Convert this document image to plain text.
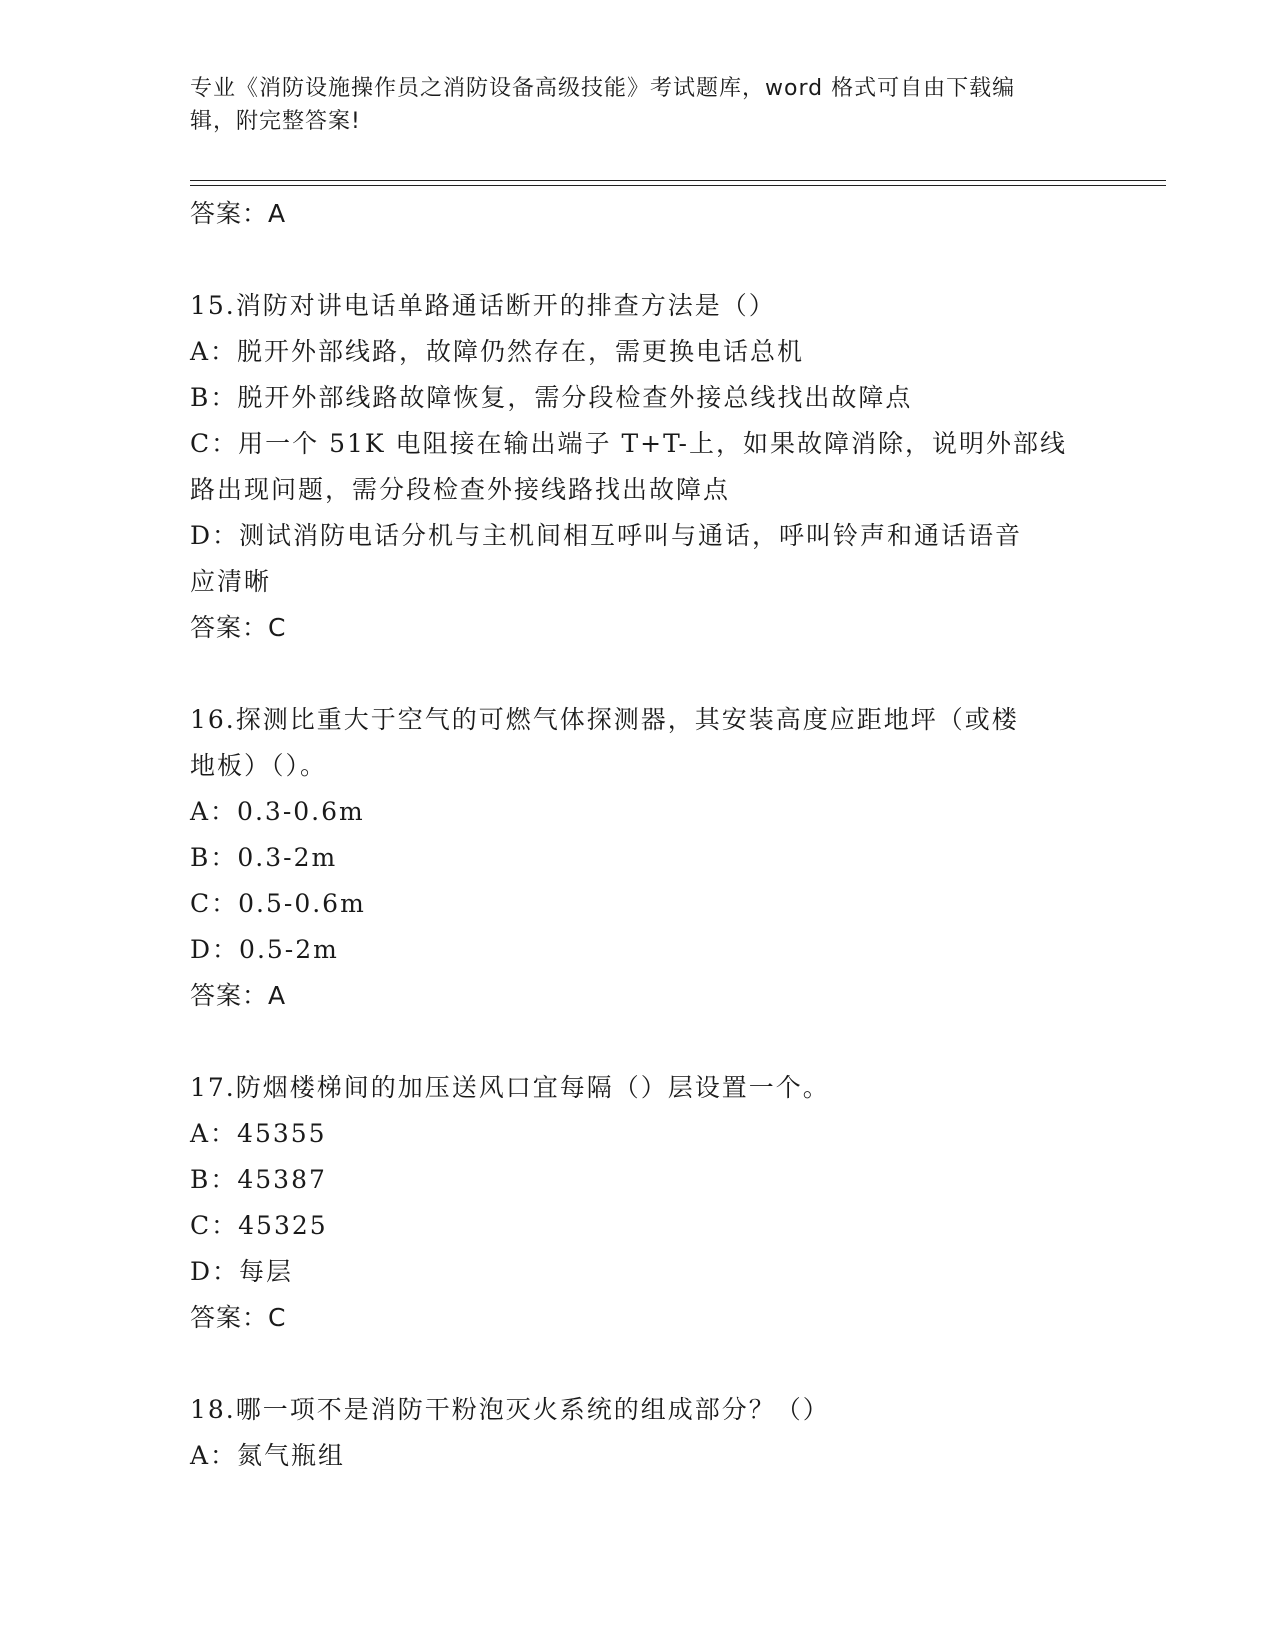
专业《消防设施操作员之消防设备高级技能》考试题库，word 格式可自由下载编
辑，附完整答案!
答案：A
15.消防对讲电话单路通话断开的排查方法是（）
A：脱开外部线路，故障仍然存在，需更换电话总机
B：脱开外部线路故障恢复，需分段检查外接总线找出故障点
C：用一个 51K 电阻接在输出端子 T+T-上，如果故障消除，说明外部线
路出现问题，需分段检查外接线路找出故障点
D：测试消防电话分机与主机间相互呼叫与通话，呼叫铃声和通话语音
应清晰
答案：C
16.探测比重大于空气的可燃气体探测器，其安装高度应距地坪（或楼
地板）（）。
A：0.3-0.6m
B：0.3-2m
C：0.5-0.6m
D：0.5-2m
答案：A
17.防烟楼梯间的加压送风口宜每隔（）层设置一个。
A：45355
B：45387
C：45325
D：每层
答案：C
18.哪一项不是消防干粉泡灭火系统的组成部分？（）
A：氮气瓶组
